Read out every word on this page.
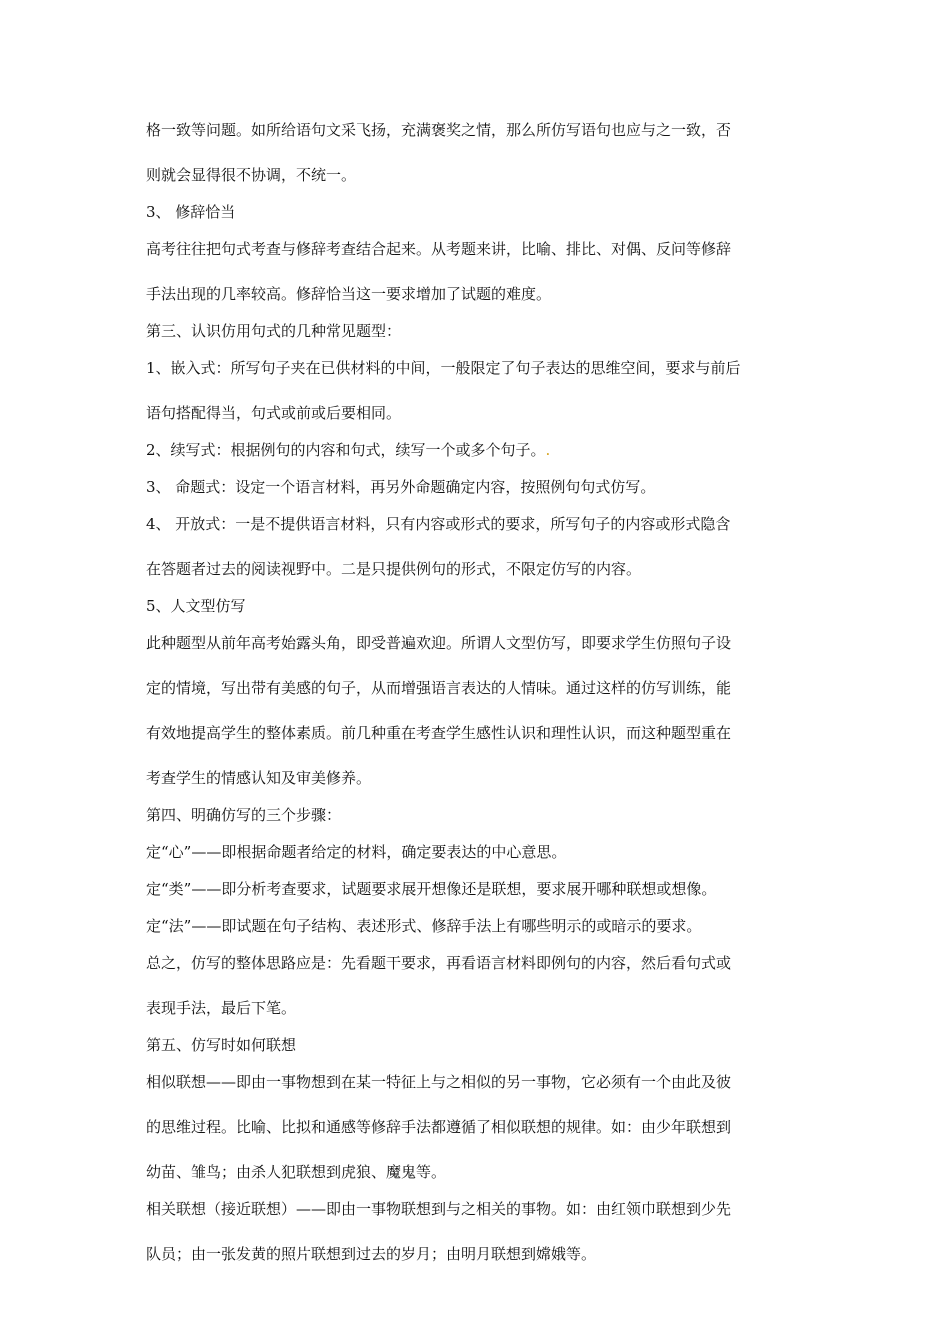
格一致等问题。如所给语句文采飞扬，充满褒奖之情，那么所仿写语句也应与之一致，否
则就会显得很不协调，不统一。
3、 修辞恰当
高考往往把句式考查与修辞考查结合起来。从考题来讲，比喻、排比、对偶、反问等修辞
手法出现的几率较高。修辞恰当这一要求增加了试题的难度。
第三、认识仿用句式的几种常见题型：
1、嵌入式：所写句子夹在已供材料的中间，一般限定了句子表达的思维空间，要求与前后
语句搭配得当，句式或前或后要相同。
2、续写式：根据例句的内容和句式，续写一个或多个句子。.
3、 命题式：设定一个语言材料，再另外命题确定内容，按照例句句式仿写。
4、 开放式：一是不提供语言材料，只有内容或形式的要求，所写句子的内容或形式隐含
在答题者过去的阅读视野中。二是只提供例句的形式，不限定仿写的内容。
5、人文型仿写
此种题型从前年高考始露头角，即受普遍欢迎。所谓人文型仿写，即要求学生仿照句子设
定的情境，写出带有美感的句子，从而增强语言表达的人情味。通过这样的仿写训练，能
有效地提高学生的整体素质。前几种重在考查学生感性认识和理性认识，而这种题型重在
考查学生的情感认知及审美修养。
第四、明确仿写的三个步骤：
定“心”——即根据命题者给定的材料，确定要表达的中心意思。
定“类”——即分析考查要求，试题要求展开想像还是联想，要求展开哪种联想或想像。
定“法”——即试题在句子结构、表述形式、修辞手法上有哪些明示的或暗示的要求。
总之，仿写的整体思路应是：先看题干要求，再看语言材料即例句的内容，然后看句式或
表现手法，最后下笔。
第五、仿写时如何联想
相似联想——即由一事物想到在某一特征上与之相似的另一事物，它必须有一个由此及彼
的思维过程。比喻、比拟和通感等修辞手法都遵循了相似联想的规律。如：由少年联想到
幼苗、雏鸟；由杀人犯联想到虎狼、魔鬼等。
相关联想（接近联想）——即由一事物联想到与之相关的事物。如：由红领巾联想到少先
队员；由一张发黄的照片联想到过去的岁月；由明月联想到嫦娥等。
